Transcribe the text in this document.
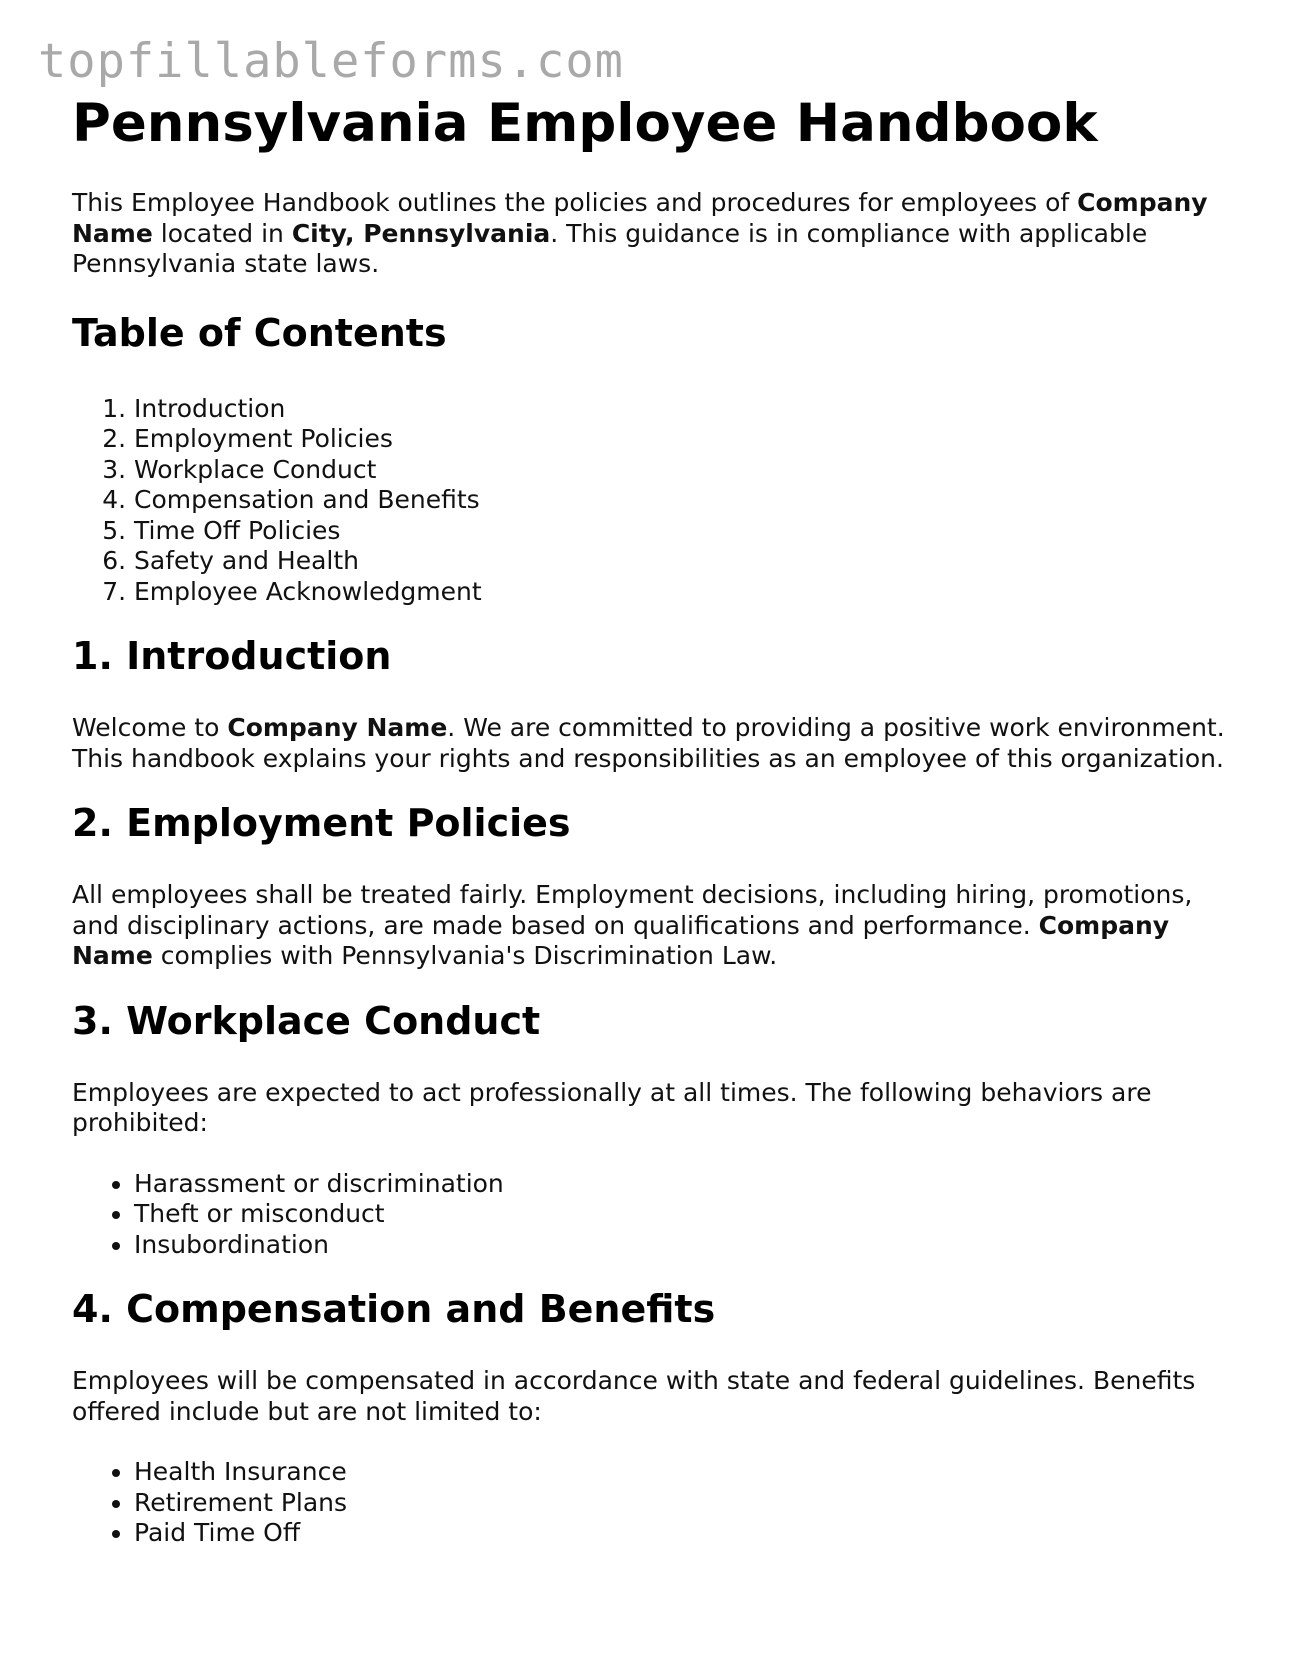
topfillableforms.com
Pennsylvania Employee Handbook

This Employee Handbook outlines the policies and procedures for employees of Company Name located in City, Pennsylvania. This guidance is in compliance with applicable Pennsylvania state laws.

Table of Contents
1. Introduction
2. Employment Policies
3. Workplace Conduct
4. Compensation and Benefits
5. Time Off Policies
6. Safety and Health
7. Employee Acknowledgment
1. Introduction

Welcome to Company Name. We are committed to providing a positive work environment. This handbook explains your rights and responsibilities as an employee of this organization.

2. Employment Policies

All employees shall be treated fairly. Employment decisions, including hiring, promotions, and disciplinary actions, are made based on qualifications and performance. Company Name complies with Pennsylvania's Discrimination Law.

3. Workplace Conduct

Employees are expected to act professionally at all times. The following behaviors are prohibited:

• Harassment or discrimination
• Theft or misconduct
• Insubordination
4. Compensation and Benefits

Employees will be compensated in accordance with state and federal guidelines. Benefits offered include but are not limited to:

• Health Insurance
• Retirement Plans
• Paid Time Off
